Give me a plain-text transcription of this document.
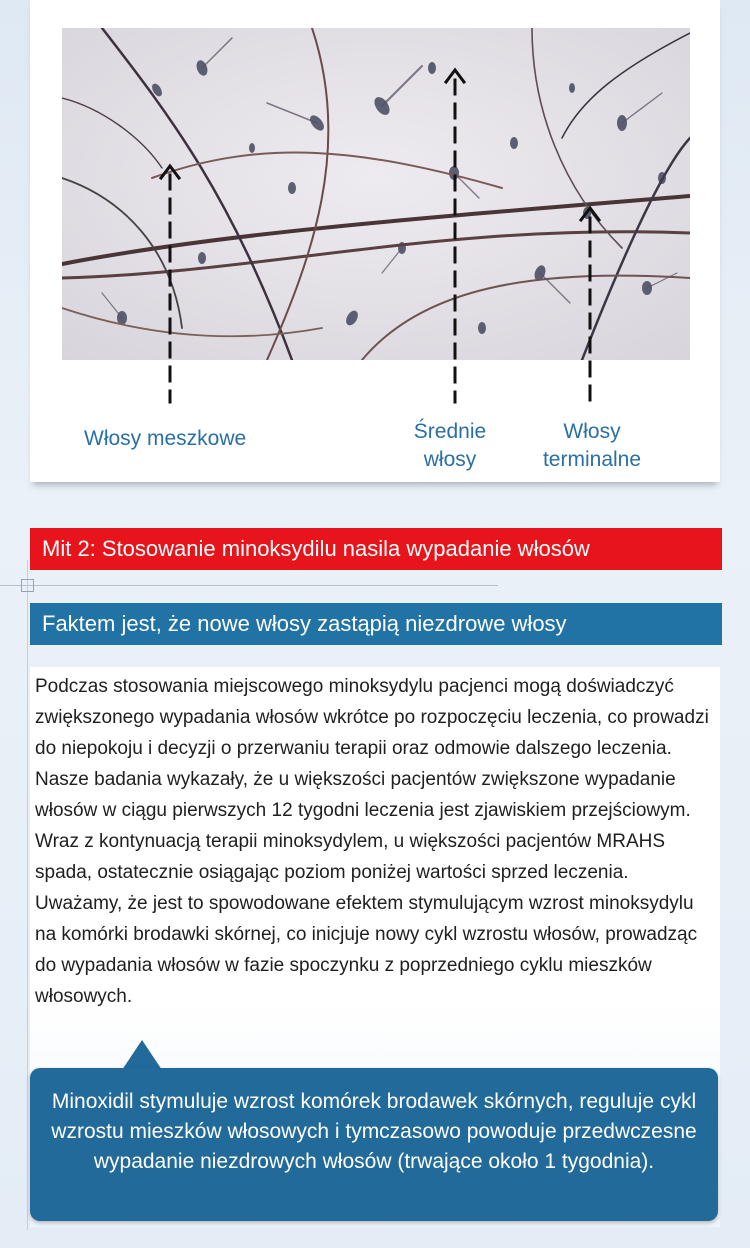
Włosy meszkowe	Średnie
włosy
Włosy
terminalne
Mit 2: Stosowanie minoksydilu nasila wypadanie włosów
Faktem jest, że nowe włosy zastąpią niezdrowe włosy

Podczas stosowania miejscowego minoksydylu pacjenci mogą doświadczyć zwiększonego wypadania włosów wkrótce po rozpoczęciu leczenia, co prowadzi do niepokoju i decyzji o przerwaniu terapii oraz odmowie dalszego leczenia. Nasze badania wykazały, że u większości pacjentów zwiększone wypadanie włosów w ciągu pierwszych 12 tygodni leczenia jest zjawiskiem przejściowym. Wraz z kontynuacją terapii minoksydylem, u większości pacjentów MRAHS spada, ostatecznie osiągając poziom poniżej wartości sprzed leczenia. Uważamy, że jest to spowodowane efektem stymulującym wzrost minoksydylu na komórki brodawki skórnej, co inicjuje nowy cykl wzrostu włosów, prowadząc do wypadania włosów w fazie spoczynku z poprzedniego cyklu mieszków włosowych.

Minoxidil stymuluje wzrost komórek brodawek skórnych, reguluje cykl wzrostu mieszków włosowych i tymczasowo powoduje przedwczesne wypadanie niezdrowych włosów (trwające około 1 tygodnia).
